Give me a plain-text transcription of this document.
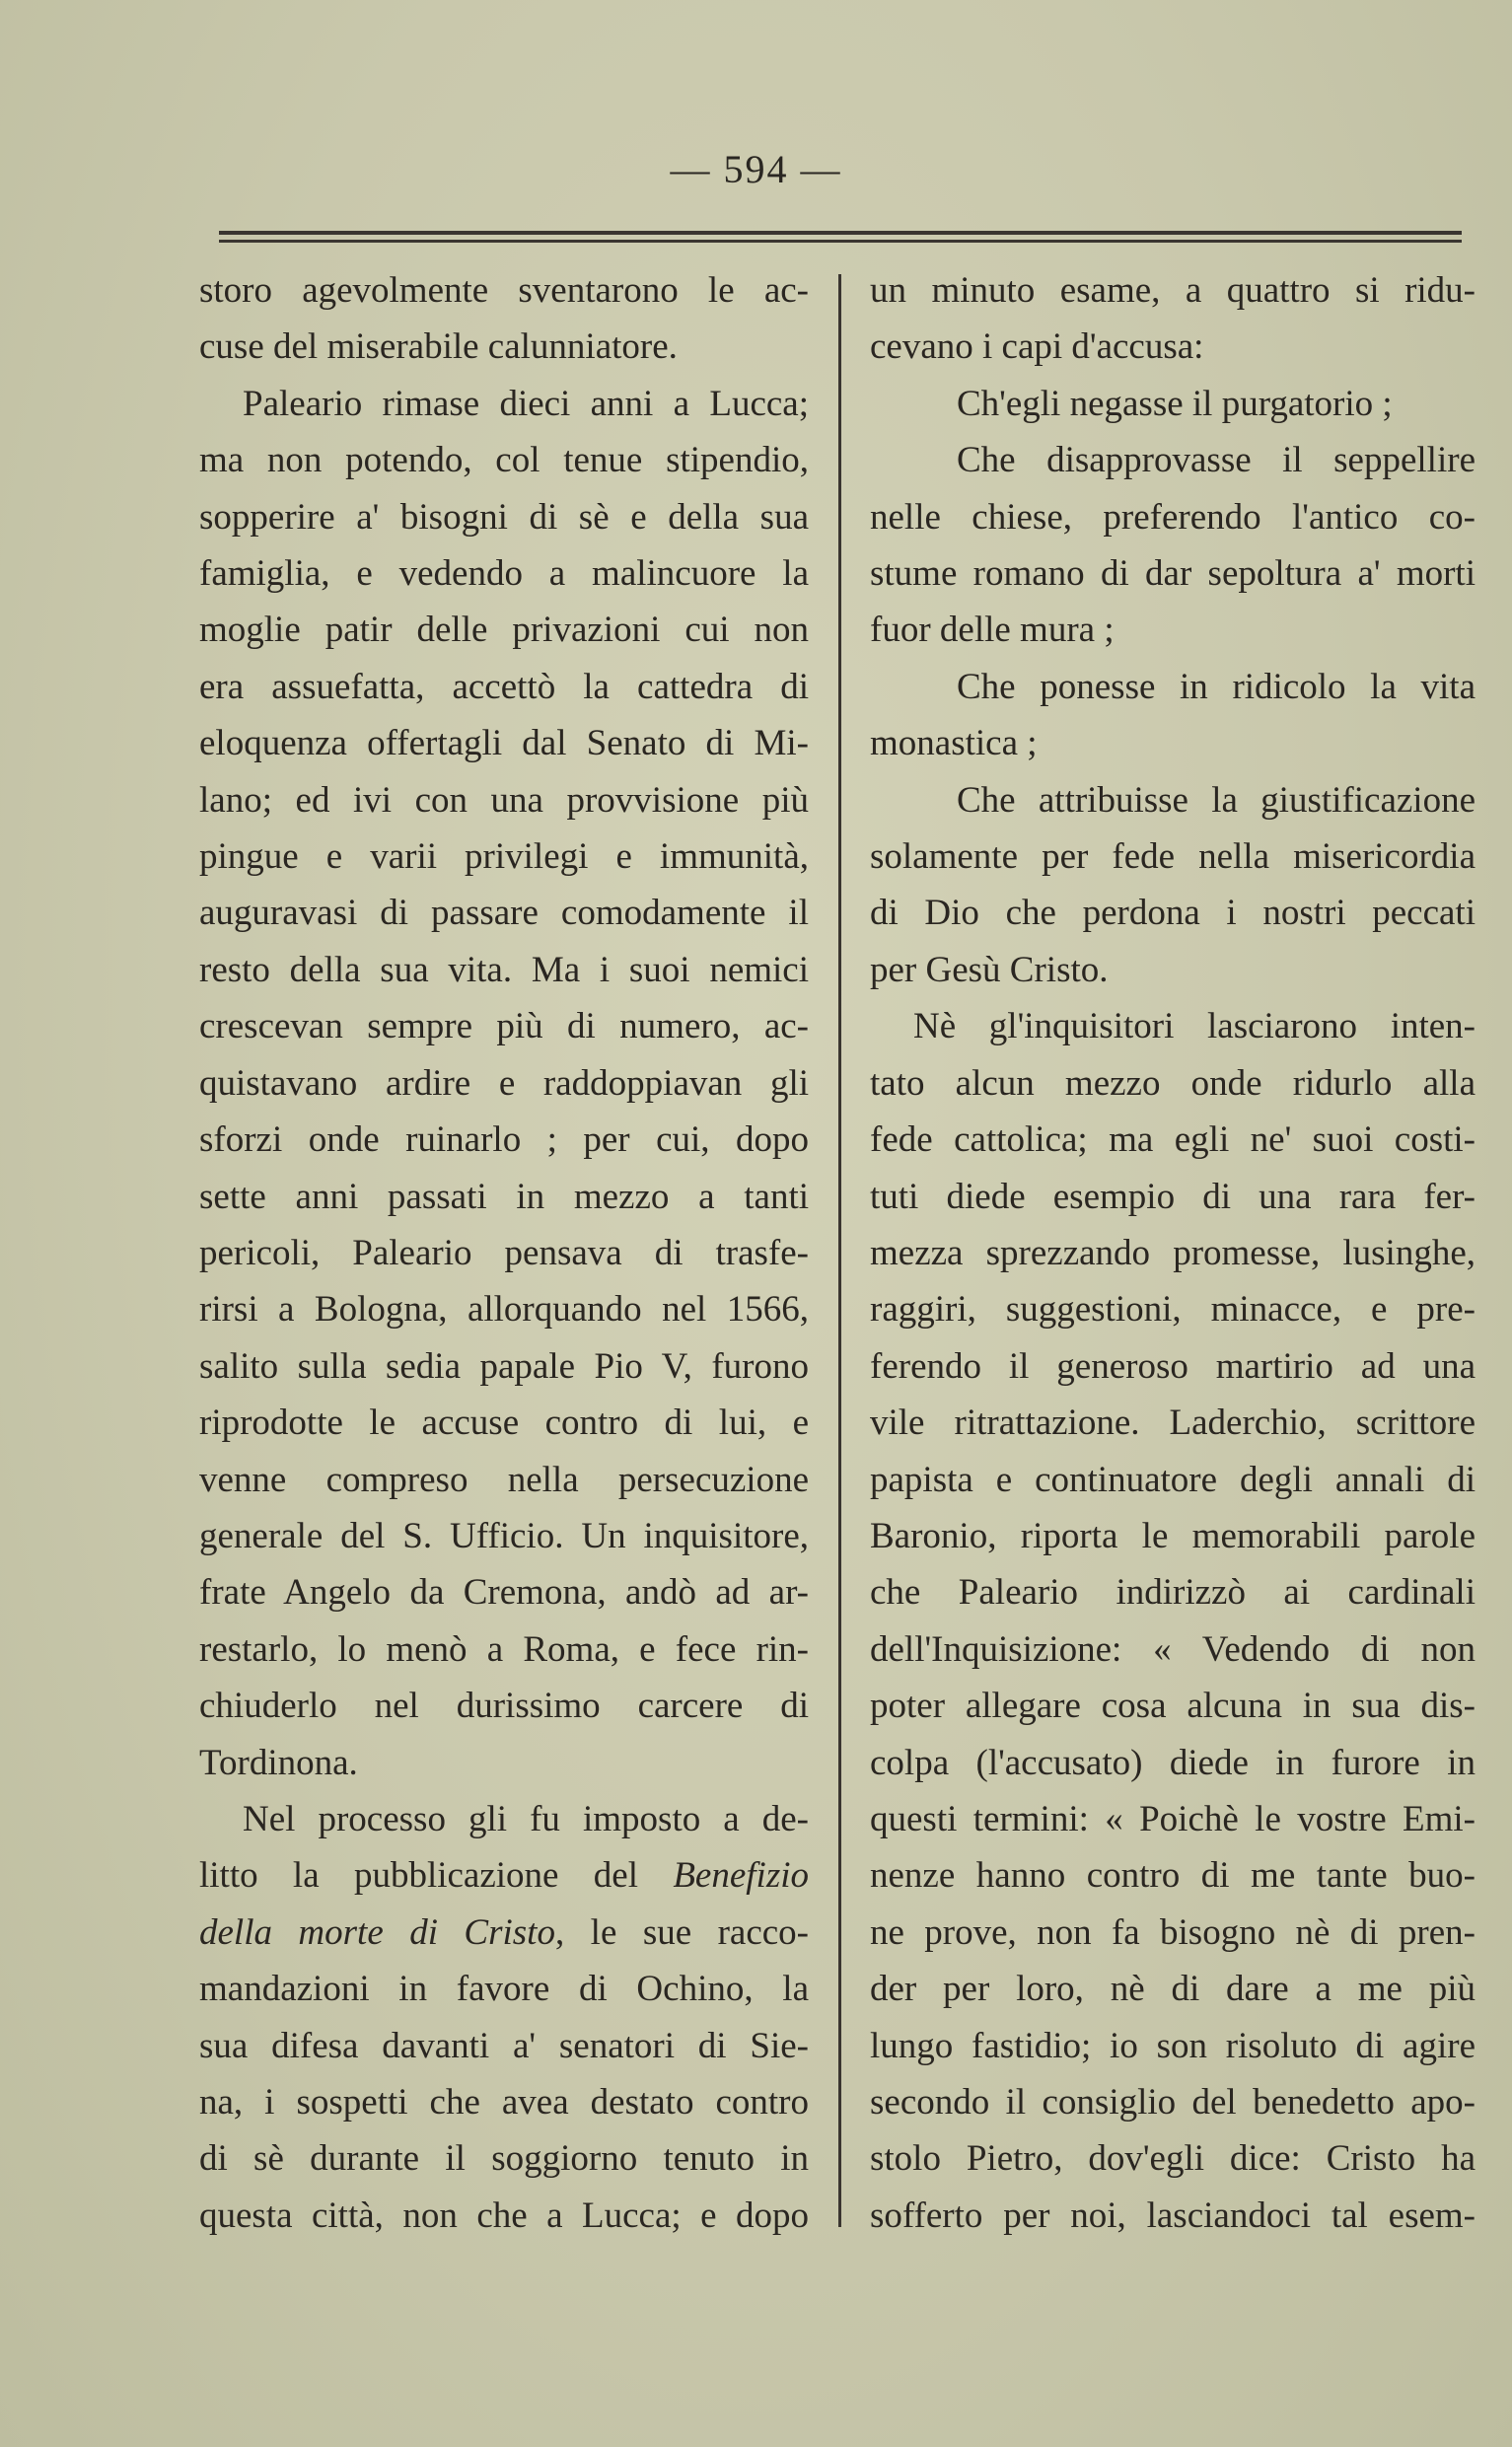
— 594 —
storo agevolmente sventarono le ac-
cuse del miserabile calunniatore.
Paleario rimase dieci anni a Lucca;
ma non potendo, col tenue stipendio,
sopperire a' bisogni di sè e della sua
famiglia, e vedendo a malincuore la
moglie patir delle privazioni cui non
era assuefatta, accettò la cattedra di
eloquenza offertagli dal Senato di Mi-
lano; ed ivi con una provvisione più
pingue e varii privilegi e immunità,
auguravasi di passare comodamente il
resto della sua vita. Ma i suoi nemici
crescevan sempre più di numero, ac-
quistavano ardire e raddoppiavan gli
sforzi onde ruinarlo ; per cui, dopo
sette anni passati in mezzo a tanti
pericoli, Paleario pensava di trasfe-
rirsi a Bologna, allorquando nel 1566,
salito sulla sedia papale Pio V, furono
riprodotte le accuse contro di lui, e
venne compreso nella persecuzione
generale del S. Ufficio. Un inquisitore,
frate Angelo da Cremona, andò ad ar-
restarlo, lo menò a Roma, e fece rin-
chiuderlo nel durissimo carcere di
Tordinona.
Nel processo gli fu imposto a de-
litto la pubblicazione del Benefizio
della morte di Cristo, le sue racco-
mandazioni in favore di Ochino, la
sua difesa davanti a' senatori di Sie-
na, i sospetti che avea destato contro
di sè durante il soggiorno tenuto in
questa città, non che a Lucca; e dopo
un minuto esame, a quattro si ridu-
cevano i capi d'accusa:
Ch'egli negasse il purgatorio ;
Che disapprovasse il seppellire
nelle chiese, preferendo l'antico co-
stume romano di dar sepoltura a' morti
fuor delle mura ;
Che ponesse in ridicolo la vita
monastica ;
Che attribuisse la giustificazione
solamente per fede nella misericordia
di Dio che perdona i nostri peccati
per Gesù Cristo.
Nè gl'inquisitori lasciarono inten-
tato alcun mezzo onde ridurlo alla
fede cattolica; ma egli ne' suoi costi-
tuti diede esempio di una rara fer-
mezza sprezzando promesse, lusinghe,
raggiri, suggestioni, minacce, e pre-
ferendo il generoso martirio ad una
vile ritrattazione. Laderchio, scrittore
papista e continuatore degli annali di
Baronio, riporta le memorabili parole
che Paleario indirizzò ai cardinali
dell'Inquisizione: « Vedendo di non
poter allegare cosa alcuna in sua dis-
colpa (l'accusato) diede in furore in
questi termini: « Poichè le vostre Emi-
nenze hanno contro di me tante buo-
ne prove, non fa bisogno nè di pren-
der per loro, nè di dare a me più
lungo fastidio; io son risoluto di agire
secondo il consiglio del benedetto apo-
stolo Pietro, dov'egli dice: Cristo ha
sofferto per noi, lasciandoci tal esem-
